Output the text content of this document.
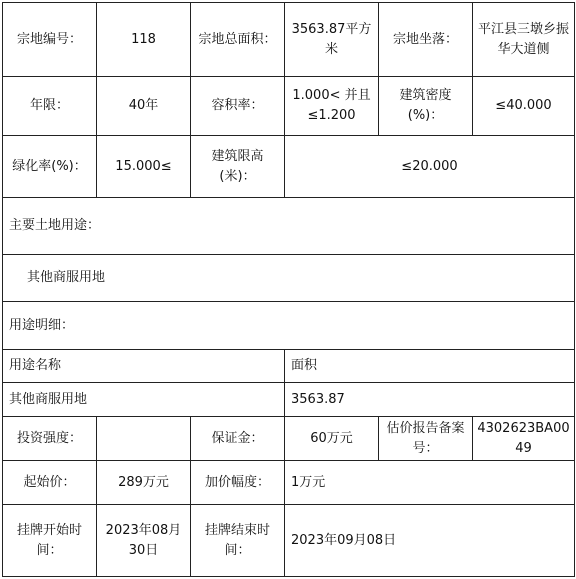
宗地编号：	118	宗地总面积：	3563.87平方米	宗地坐落：	平江县三墩乡振华大道侧
年限：	40年	容积率：	1.000< 并且≤1.200	建筑密度(%)：	≤40.000
绿化率(%)：	15.000≤	建筑限高(米)：	≤20.000		
主要土地用途：					
其他商服用地					
用途明细：					
用途名称			面积		
其他商服用地			3563.87		
投资强度：		保证金：	60万元	估价报告备案号：	4302623BA0049
起始价：	289万元	加价幅度：	1万元		
挂牌开始时间：	2023年08月30日	挂牌结束时间：	2023年09月08日		
